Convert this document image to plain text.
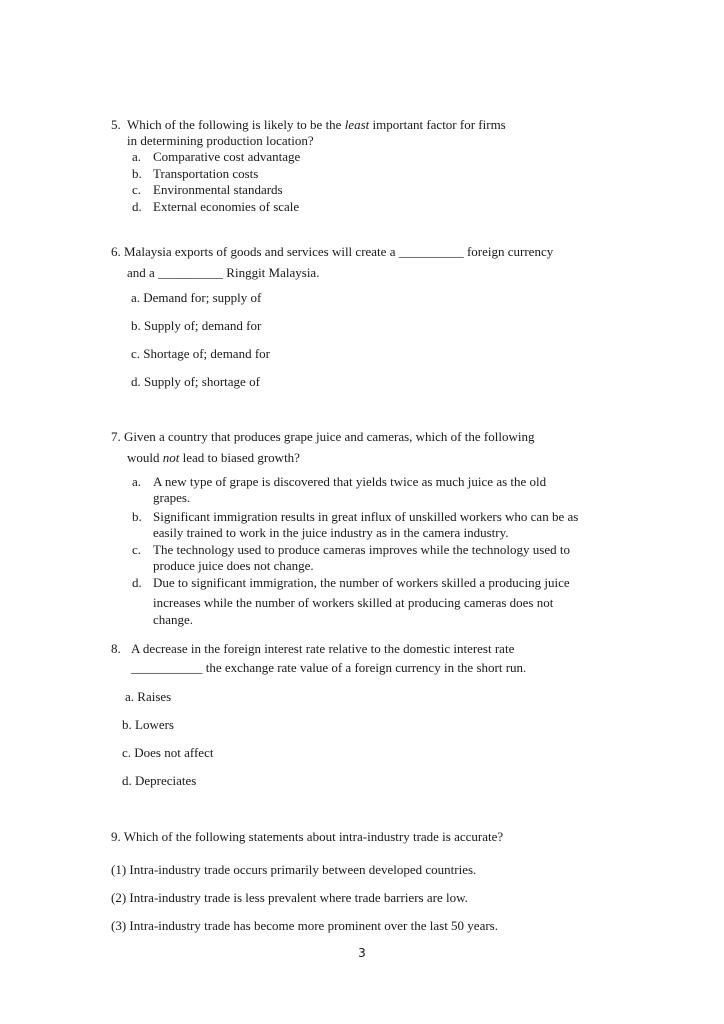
5. Which of the following is likely to be the least important factor for firms
in determining production location?
a. Comparative cost advantage
b. Transportation costs
c. Environmental standards
d. External economies of scale
6. Malaysia exports of goods and services will create a __________ foreign currency
and a __________ Ringgit Malaysia.
a. Demand for; supply of
b. Supply of; demand for
c. Shortage of; demand for
d. Supply of; shortage of
7. Given a country that produces grape juice and cameras, which of the following
would not lead to biased growth?
a. A new type of grape is discovered that yields twice as much juice as the old
grapes.
b. Significant immigration results in great influx of unskilled workers who can be as
easily trained to work in the juice industry as in the camera industry.
c. The technology used to produce cameras improves while the technology used to
produce juice does not change.
d. Due to significant immigration, the number of workers skilled a producing juice
increases while the number of workers skilled at producing cameras does not
change.
8. A decrease in the foreign interest rate relative to the domestic interest rate
___________ the exchange rate value of a foreign currency in the short run.
a. Raises
b. Lowers
c. Does not affect
d. Depreciates
9. Which of the following statements about intra-industry trade is accurate?
(1) Intra-industry trade occurs primarily between developed countries.
(2) Intra-industry trade is less prevalent where trade barriers are low.
(3) Intra-industry trade has become more prominent over the last 50 years.
3
